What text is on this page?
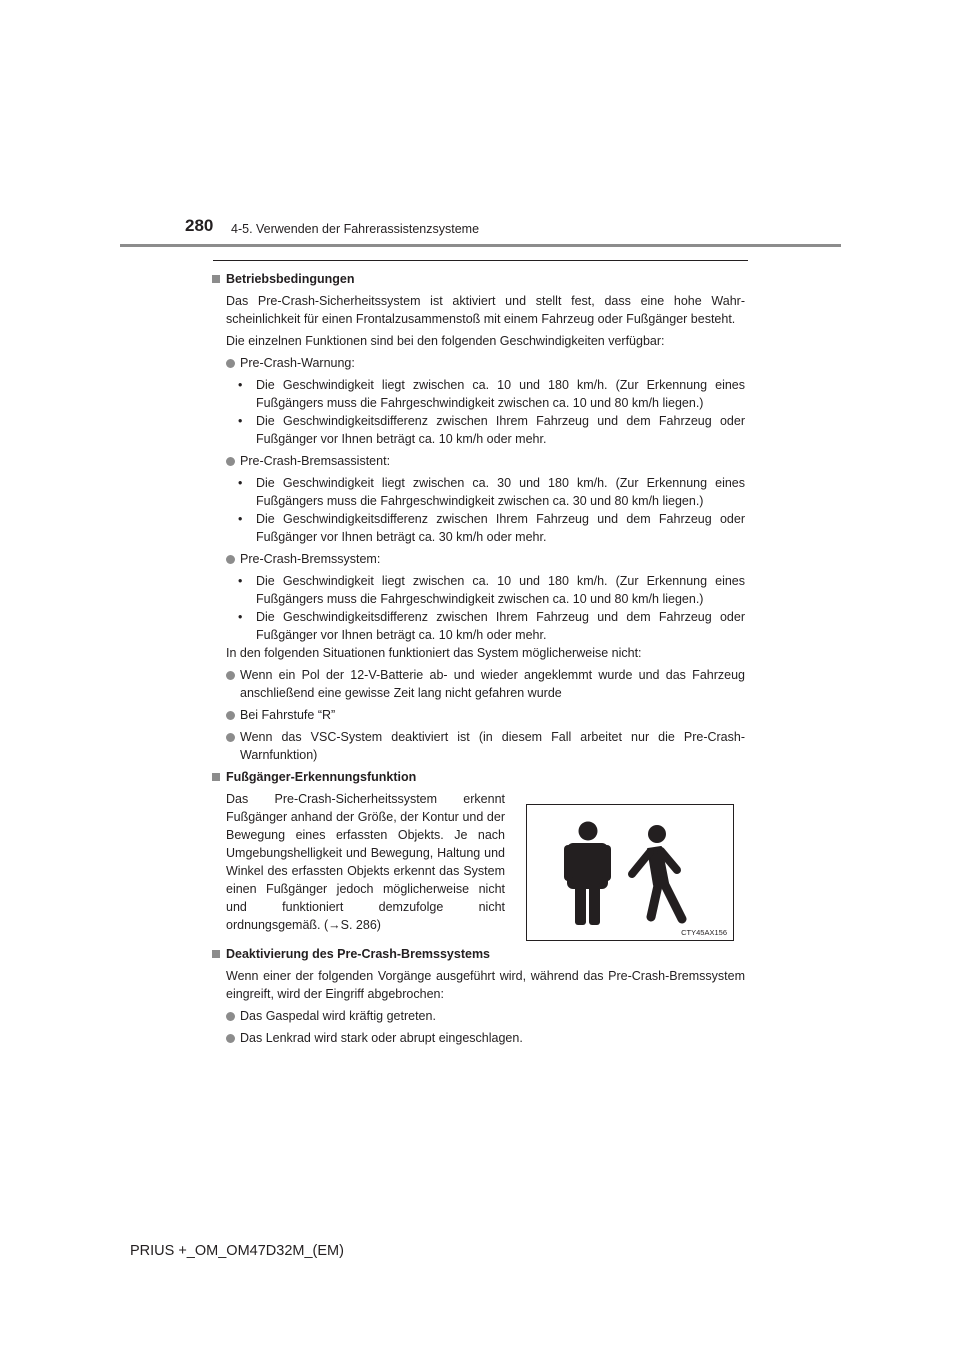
280 4-5. Verwenden der Fahrerassistenzsysteme

Betriebsbedingungen

Das Pre-Crash-Sicherheitssystem ist aktiviert und stellt fest, dass eine hohe Wahrscheinlichkeit für einen Frontalzusammenstoß mit einem Fahrzeug oder Fußgänger besteht.

Die einzelnen Funktionen sind bei den folgenden Geschwindigkeiten verfügbar:

Pre-Crash-Warnung:

• Die Geschwindigkeit liegt zwischen ca. 10 und 180 km/h. (Zur Erkennung eines Fußgängers muss die Fahrgeschwindigkeit zwischen ca. 10 und 80 km/h liegen.)

• Die Geschwindigkeitsdifferenz zwischen Ihrem Fahrzeug und dem Fahrzeug oder Fußgänger vor Ihnen beträgt ca. 10 km/h oder mehr.

Pre-Crash-Bremsassistent:

• Die Geschwindigkeit liegt zwischen ca. 30 und 180 km/h. (Zur Erkennung eines Fußgängers muss die Fahrgeschwindigkeit zwischen ca. 30 und 80 km/h liegen.)

• Die Geschwindigkeitsdifferenz zwischen Ihrem Fahrzeug und dem Fahrzeug oder Fußgänger vor Ihnen beträgt ca. 30 km/h oder mehr.

Pre-Crash-Bremssystem:

• Die Geschwindigkeit liegt zwischen ca. 10 und 180 km/h. (Zur Erkennung eines Fußgängers muss die Fahrgeschwindigkeit zwischen ca. 10 und 80 km/h liegen.)

• Die Geschwindigkeitsdifferenz zwischen Ihrem Fahrzeug und dem Fahrzeug oder Fußgänger vor Ihnen beträgt ca. 10 km/h oder mehr.

In den folgenden Situationen funktioniert das System möglicherweise nicht:

Wenn ein Pol der 12-V-Batterie ab- und wieder angeklemmt wurde und das Fahrzeug anschließend eine gewisse Zeit lang nicht gefahren wurde

Bei Fahrstufe “R”

Wenn das VSC-System deaktiviert ist (in diesem Fall arbeitet nur die Pre-Crash-Warnfunktion)

Fußgänger-Erkennungsfunktion

Das Pre-Crash-Sicherheitssystem erkennt Fußgänger anhand der Größe, der Kontur und der Bewegung eines erfassten Objekts. Je nach Umgebungshelligkeit und Bewegung, Haltung und Winkel des erfassten Objekts erkennt das System einen Fußgänger jedoch möglicherweise nicht und funktioniert demzufolge nicht ordnungsgemäß. (→S. 286)

CTY45AX156

Deaktivierung des Pre-Crash-Bremssystems

Wenn einer der folgenden Vorgänge ausgeführt wird, während das Pre-Crash-Bremssystem eingreift, wird der Eingriff abgebrochen:

Das Gaspedal wird kräftig getreten.

Das Lenkrad wird stark oder abrupt eingeschlagen.

PRIUS +_OM_OM47D32M_(EM)
